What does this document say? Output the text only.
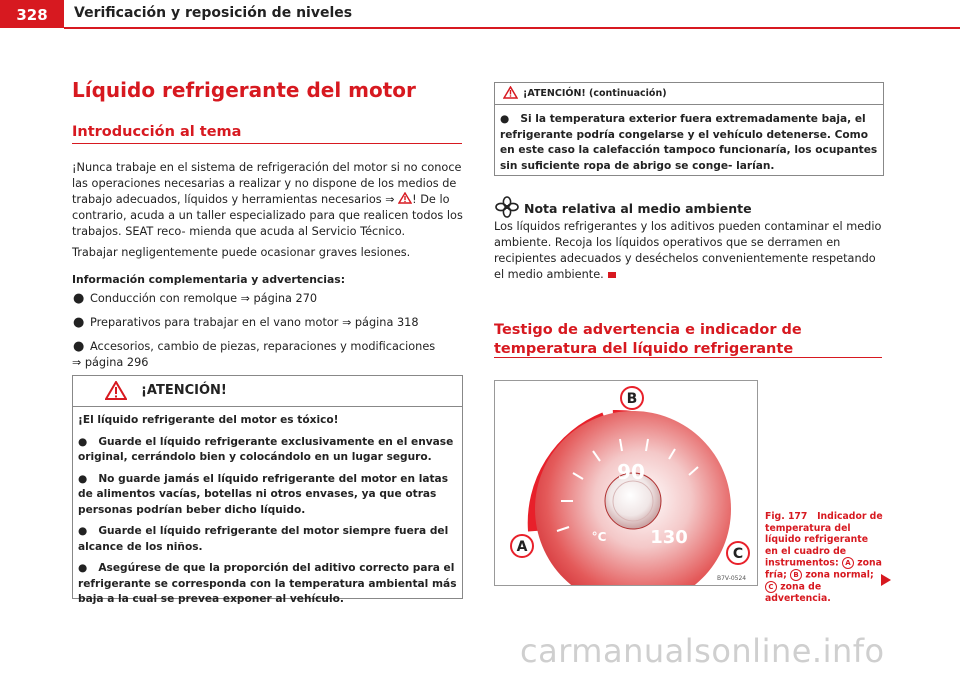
328	Verificación y reposición de niveles
Líquido refrigerante del motor
Introducción al tema
¡Nunca trabaje en el sistema de refrigeración del motor si no conoce las operaciones necesarias a realizar y no dispone de los medios de trabajo adecuados, líquidos y herramientas necesarios ⇒ ! De lo contrario, acuda a un taller especializado para que realicen todos los trabajos. SEAT reco- mienda que acuda al Servicio Técnico.
Trabajar negligentemente puede ocasionar graves lesiones.
Información complementaria y advertencias:
● Conducción con remolque ⇒ página 270
● Preparativos para trabajar en el vano motor ⇒ página 318
● Accesorios, cambio de piezas, reparaciones y modificaciones
⇒ página 296
¡ATENCIÓN!
¡El líquido refrigerante del motor es tóxico!
●   Guarde el líquido refrigerante exclusivamente en el envase original, cerrándolo bien y colocándolo en un lugar seguro.
●   No guarde jamás el líquido refrigerante del motor en latas de alimentos vacías, botellas ni otros envases, ya que otras personas podrían beber dicho líquido.
●   Guarde el líquido refrigerante del motor siempre fuera del alcance de los niños.
●   Asegúrese de que la proporción del aditivo correcto para el refrigerante se corresponda con la temperatura ambiental más baja a la cual se prevea exponer al vehículo.
¡ATENCIÓN! (continuación)
●   Si la temperatura exterior fuera extremadamente baja, el refrigerante podría congelarse y el vehículo detenerse. Como en este caso la calefacción tampoco funcionaría, los ocupantes sin suficiente ropa de abrigo se conge- larían.
Nota relativa al medio ambiente
Los líquidos refrigerantes y los aditivos pueden contaminar el medio ambiente. Recoja los líquidos operativos que se derramen en recipientes adecuados y deséchelos convenientemente respetando el medio ambiente.
Testigo de advertencia e indicador de temperatura del líquido refrigerante
90
130
°C
B
A	C
B7V-0524
Fig. 177 Indicador de temperatura del líquido refrigerante en el cuadro de instrumentos: A zona fría; B zona normal; C zona de advertencia.
carmanualsonline.info
